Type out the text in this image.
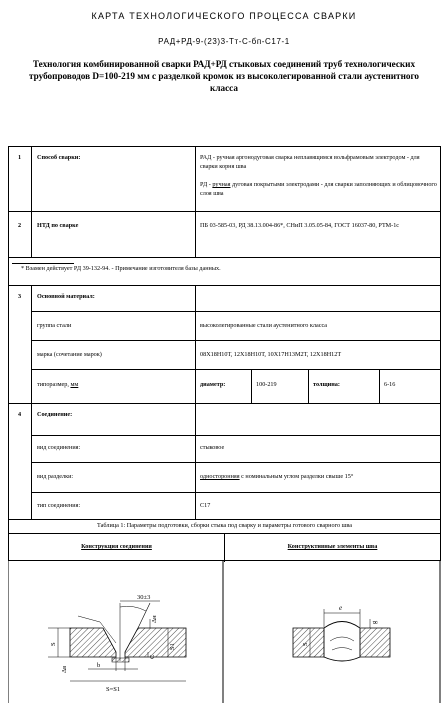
КАРТА ТЕХНОЛОГИЧЕСКОГО ПРОЦЕССА СВАРКИ
РАД+РД-9-(23)3-Тт-С-бп-С17-1
Технология комбинированной сварки РАД+РД стыковых соединений труб технологических трубопроводов D=100-219 мм с разделкой кромок из высоколегированной стали аустенитного класса
1	Способ сварки:	РАД - ручная аргонодуговая сварка неплавящимся вольфрамовым электродом - для сварки корня шва
РД - ручная дуговая покрытыми электродами - для сварки заполняющих и облицовочного слоя шва
2	НТД по сварке	ПБ 03-585-03, РД 38.13.004-86*, СНиП 3.05.05-84, ГОСТ 16037-80, РТМ-1с
* Взамен действует РД 39-132-94. - Примечание изготовителя базы данных.
3	Основной материал:
группа стали	высоколегированные стали аустенитного класса
марка (сочетание марок)	08Х18Н10Т, 12Х18Н10Т, 10Х17Н13М2Т, 12Х18Н12Т
типоразмер, мм	диаметр:	100-219	толщина:	6-16
4	Соединение:
вид соединения:	стыковое
вид разделки:	односторонняя с номинальным углом разделки свыше 15°
тип соединения:	С17
Таблица 1: Параметры подготовки, сборки стыка под сварку и параметры готового сварного шва
Конструкция соединения	Конструктивные элементы шва
30±3
Δн
S	S1
C
b
Δв
S=S1
e
g
S
